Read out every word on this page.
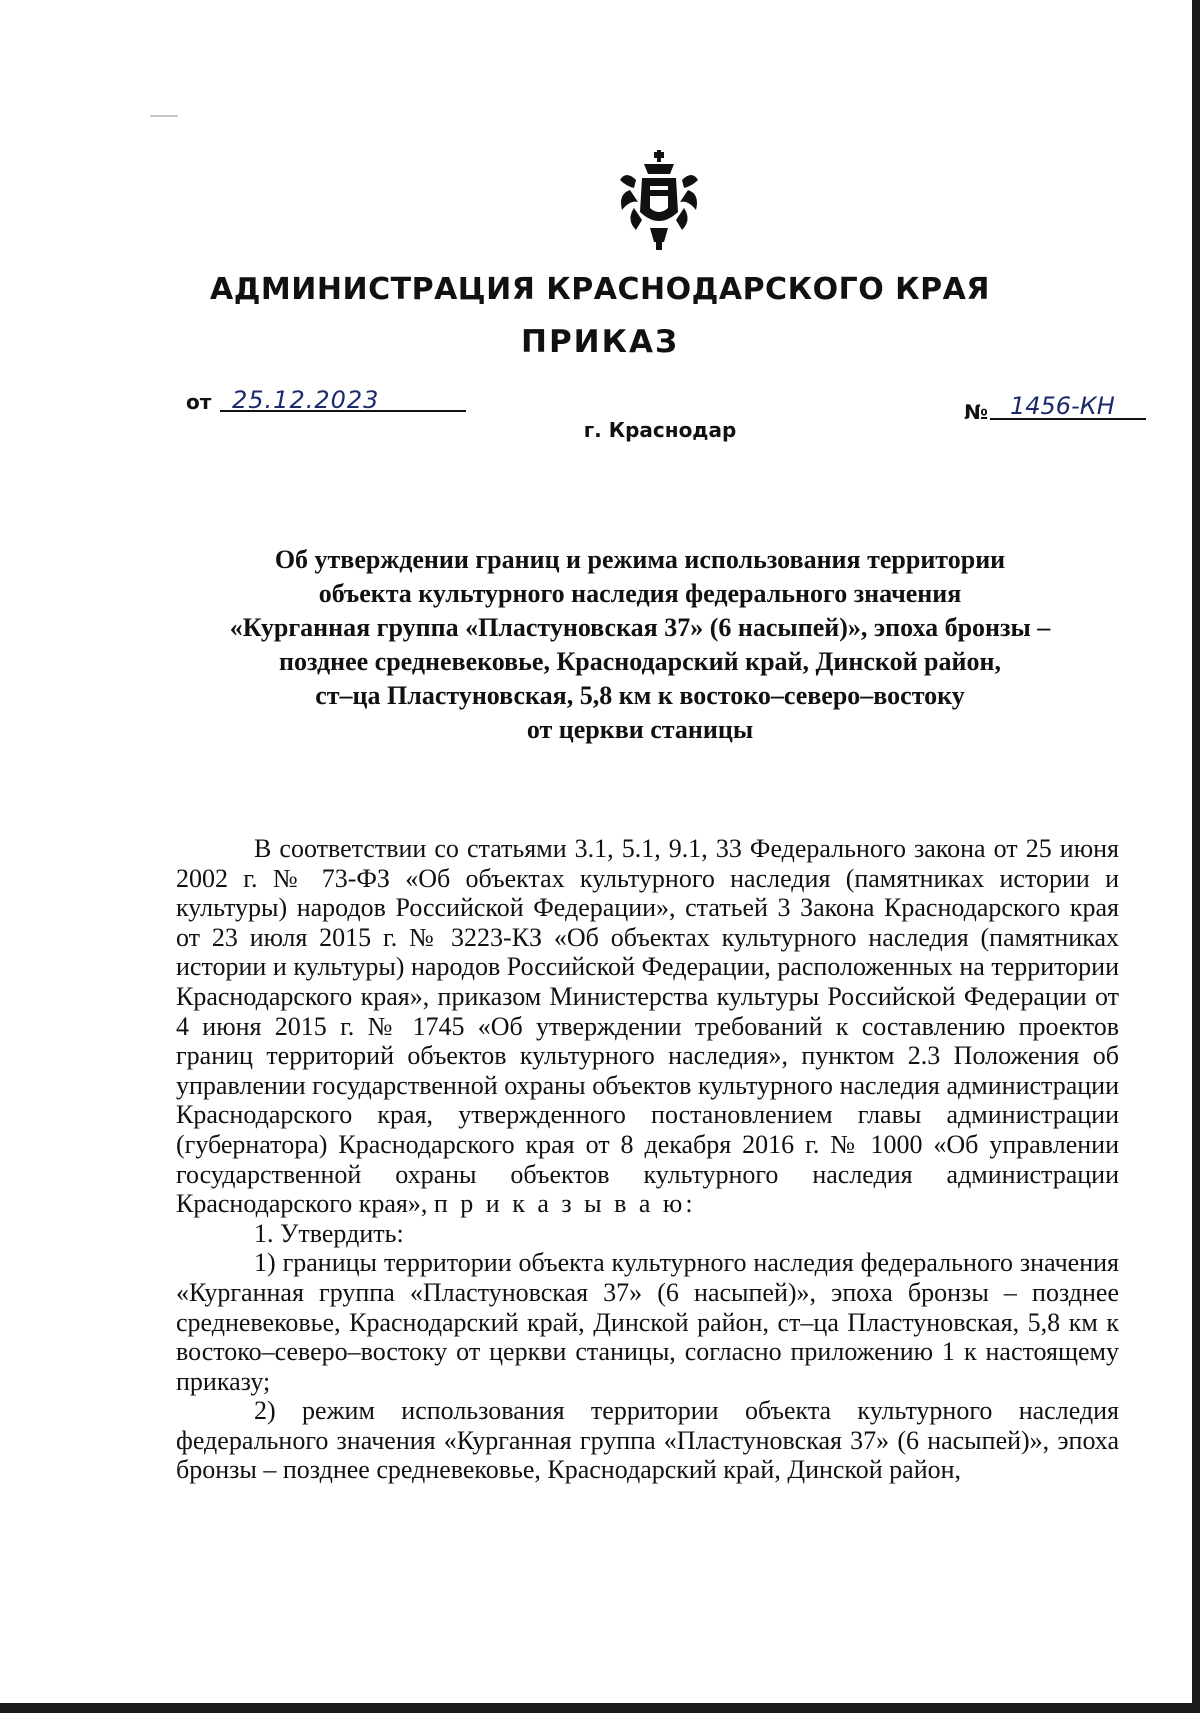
АДМИНИСТРАЦИЯ КРАСНОДАРСКОГО КРАЯ
ПРИКАЗ
от 25.12.2023	№ 1456-КН
г. Краснодар
Об утверждении границ и режима использования территории
объекта культурного наследия федерального значения
«Курганная группа «Пластуновская 37» (6 насыпей)», эпоха бронзы –
позднее средневековье, Краснодарский край, Динской район,
ст–ца Пластуновская, 5,8 км к востоко–северо–востоку
от церкви станицы

В соответствии со статьями 3.1, 5.1, 9.1, 33 Федерального закона от 25 июня 2002 г. № 73-ФЗ «Об объектах культурного наследия (памятниках истории и культуры) народов Российской Федерации», статьей 3 Закона Краснодарского края от 23 июля 2015 г. № 3223-КЗ «Об объектах культурного наследия (памятниках истории и культуры) народов Российской Федерации, расположенных на территории Краснодарского края», приказом Министерства культуры Российской Федерации от 4 июня 2015 г. № 1745 «Об утверждении требований к составлению проектов границ территорий объектов культурного наследия», пунктом 2.3 Положения об управлении государственной охраны объектов культурного наследия администрации Краснодарского края, утвержденного постановлением главы администрации (губернатора) Краснодарского края от 8 декабря 2016 г. № 1000 «Об управлении государственной охраны объектов культурного наследия администрации Краснодарского края», п р и к а з ы в а ю:

1. Утвердить:

1) границы территории объекта культурного наследия федерального значения «Курганная группа «Пластуновская 37» (6 насыпей)», эпоха бронзы – позднее средневековье, Краснодарский край, Динской район, ст–ца Пластуновская, 5,8 км к востоко–северо–востоку от церкви станицы, согласно приложению 1 к настоящему приказу;

2) режим использования территории объекта культурного наследия федерального значения «Курганная группа «Пластуновская 37» (6 насыпей)», эпоха бронзы – позднее средневековье, Краснодарский край, Динской район,
